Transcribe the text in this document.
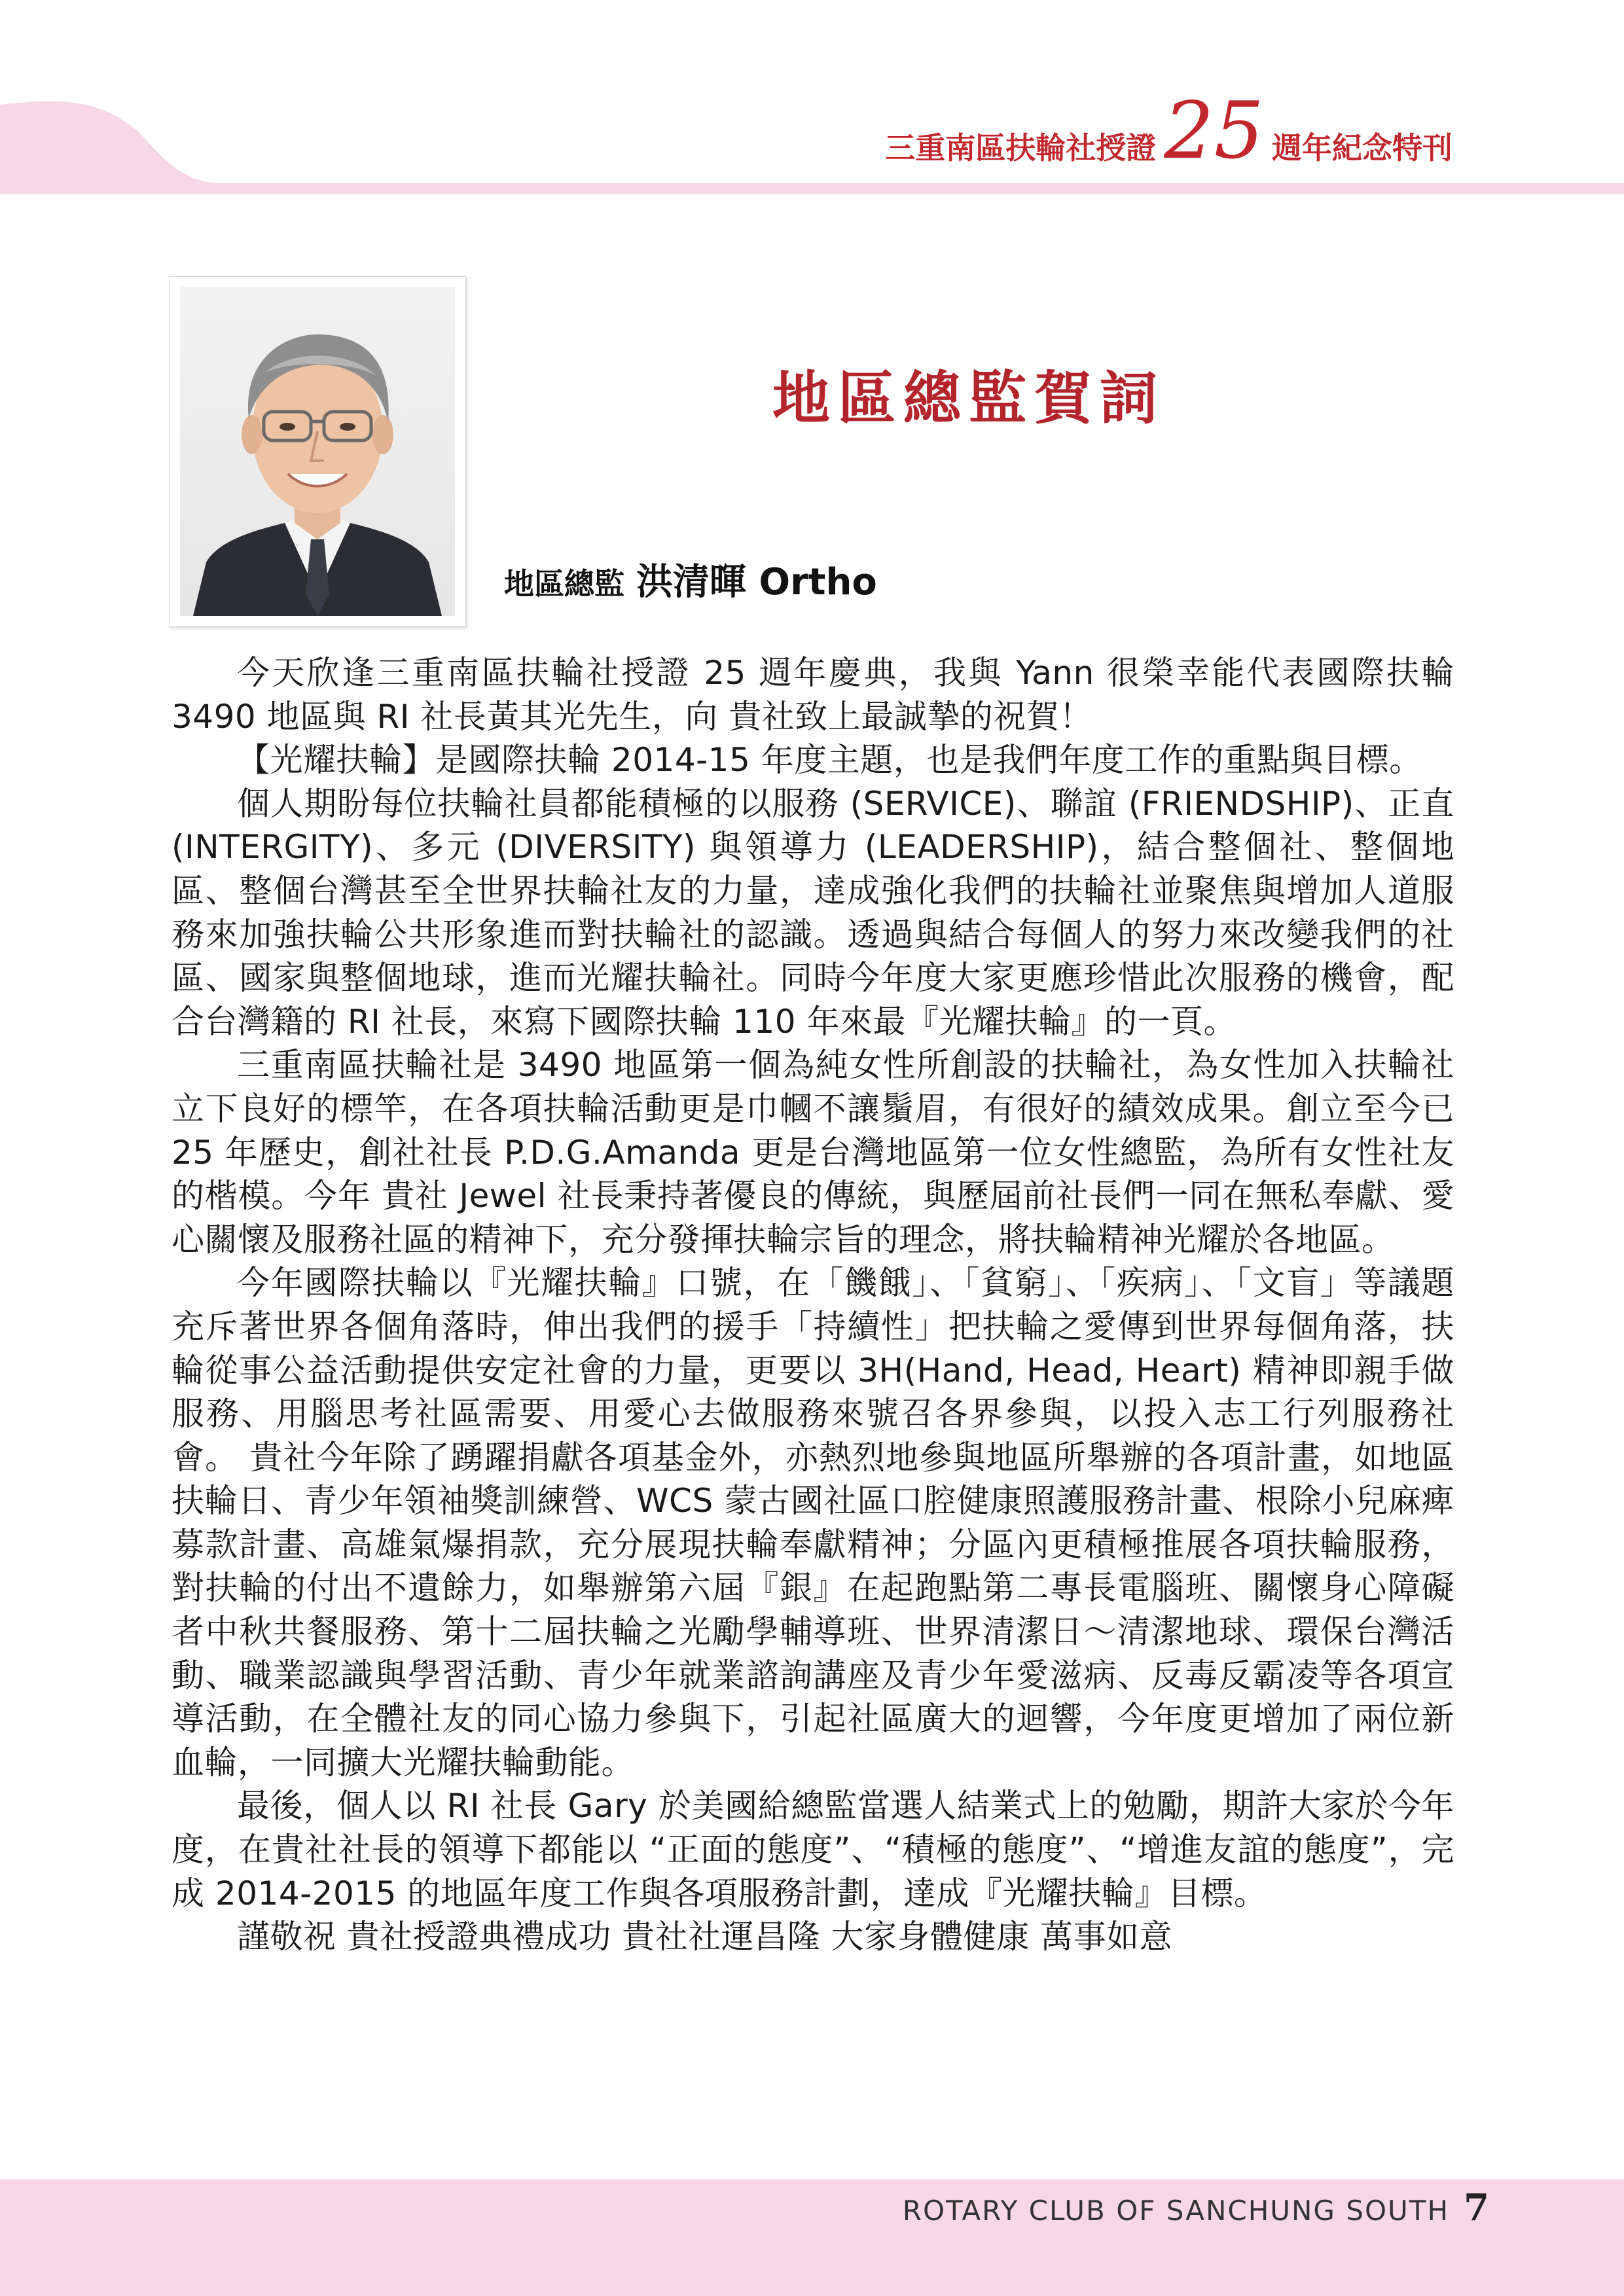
三重南區扶輪社授證 25 週年紀念特刊
地區總監賀詞
地區總監 洪清暉 Ortho

今天欣逢三重南區扶輪社授證 25 週年慶典，我與 Yann 很榮幸能代表國際扶輪 3490 地區與 RI 社長黃其光先生，向 貴社致上最誠摯的祝賀！

【光耀扶輪】是國際扶輪 2014-15 年度主題，也是我們年度工作的重點與目標。

個人期盼每位扶輪社員都能積極的以服務 (SERVICE)、聯誼 (FRIENDSHIP)、正直 (INTERGITY)、多元 (DIVERSITY) 與領導力 (LEADERSHIP)，結合整個社、整個地區、整個台灣甚至全世界扶輪社友的力量，達成強化我們的扶輪社並聚焦與增加人道服務來加強扶輪公共形象進而對扶輪社的認識。透過與結合每個人的努力來改變我們的社區、國家與整個地球，進而光耀扶輪社。同時今年度大家更應珍惜此次服務的機會，配合台灣籍的 RI 社長，來寫下國際扶輪 110 年來最『光耀扶輪』的一頁。

三重南區扶輪社是 3490 地區第一個為純女性所創設的扶輪社，為女性加入扶輪社立下良好的標竿，在各項扶輪活動更是巾幗不讓鬚眉，有很好的績效成果。創立至今已 25 年歷史，創社社長 P.D.G.Amanda 更是台灣地區第一位女性總監，為所有女性社友的楷模。今年 貴社 Jewel 社長秉持著優良的傳統，與歷屆前社長們一同在無私奉獻、愛心關懷及服務社區的精神下，充分發揮扶輪宗旨的理念，將扶輪精神光耀於各地區。

今年國際扶輪以『光耀扶輪』口號，在「饑餓」、「貧窮」、「疾病」、「文盲」等議題充斥著世界各個角落時，伸出我們的援手「持續性」把扶輪之愛傳到世界每個角落，扶輪從事公益活動提供安定社會的力量，更要以 3H(Hand, Head, Heart) 精神即親手做服務、用腦思考社區需要、用愛心去做服務來號召各界參與，以投入志工行列服務社會。 貴社今年除了踴躍捐獻各項基金外，亦熱烈地參與地區所舉辦的各項計畫，如地區扶輪日、青少年領袖獎訓練營、WCS 蒙古國社區口腔健康照護服務計畫、根除小兒麻痺募款計畫、高雄氣爆捐款，充分展現扶輪奉獻精神；分區內更積極推展各項扶輪服務，對扶輪的付出不遺餘力，如舉辦第六屆『銀』在起跑點第二專長電腦班、關懷身心障礙者中秋共餐服務、第十二屆扶輪之光勵學輔導班、世界清潔日～清潔地球、環保台灣活動、職業認識與學習活動、青少年就業諮詢講座及青少年愛滋病、反毒反霸凌等各項宣導活動，在全體社友的同心協力參與下，引起社區廣大的迴響，今年度更增加了兩位新血輪，一同擴大光耀扶輪動能。

最後，個人以 RI 社長 Gary 於美國給總監當選人結業式上的勉勵，期許大家於今年度，在貴社社長的領導下都能以 “正面的態度”、“積極的態度”、“增進友誼的態度”，完成 2014-2015 的地區年度工作與各項服務計劃，達成『光耀扶輪』目標。

謹敬祝 貴社授證典禮成功 貴社社運昌隆 大家身體健康 萬事如意

ROTARY CLUB OF SANCHUNG SOUTH 7
